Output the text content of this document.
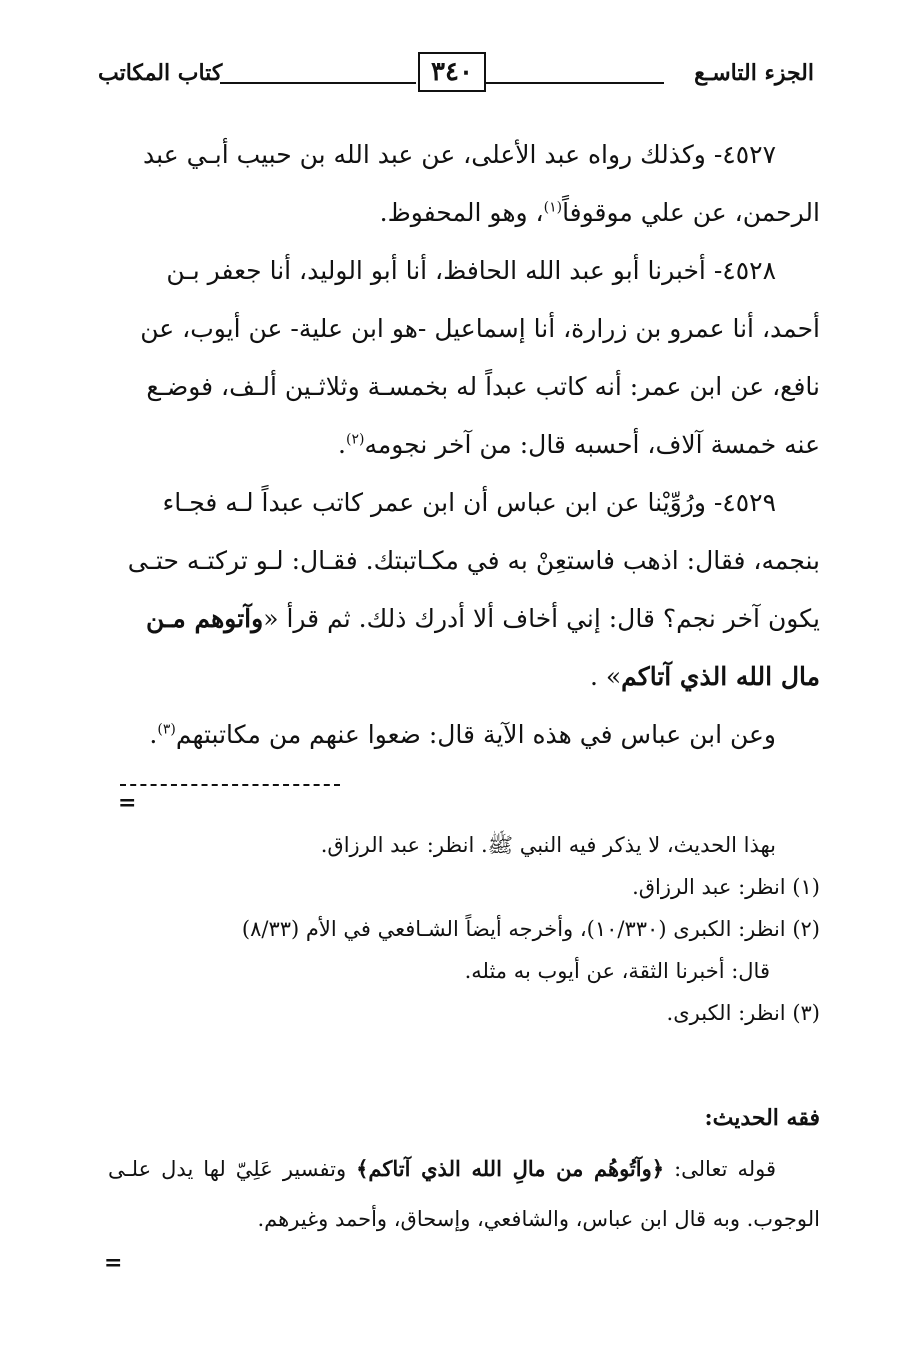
الجزء التاسـع
٣٤٠
كتاب المكاتب

٤٥٢٧- وكذلك رواه عبد الأعلى، عن عبد الله بن حبيب أبـي عبد الرحمن، عن علي موقوفاً$^{(١)}$، وهو المحفوظ.

٤٥٢٨- أخبرنا أبو عبد الله الحافظ، أنا أبو الوليد، أنا جعفر بـن أحمد، أنا عمرو بن زرارة، أنا إسماعيل -هو ابن علية- عن أيوب، عن نافع، عن ابن عمر: أنه كاتب عبداً له بخمسـة وثلاثـين ألـف، فوضـع عنه خمسة آلاف، أحسبه قال: من آخر نجومه$^{(٢)}$.

٤٥٢٩- ورُوِّيْنا عن ابن عباس أن ابن عمر كاتب عبداً لـه فجـاء بنجمه، فقال: اذهب فاستعِنْ به في مكـاتبتك. فقـال: لـو تركتـه حتـى يكون آخر نجم؟ قال: إني أخاف ألا أدرك ذلك. ثم قرأ «وآتوهم مـن مال الله الذي آتاكم» .

وعن ابن عباس في هذه الآية قال: ضعوا عنهم من مكاتبتهم$^{(٣)}$.

=

بهذا الحديث، لا يذكر فيه النبي ﷺ. انظر: عبد الرزاق.

(١) انظر: عبد الرزاق.

(٢) انظر: الكبرى (١٠/٣٣٠)، وأخرجه أيضاً الشـافعي في الأم (٨/٣٣)

قال: أخبرنا الثقة، عن أيوب به مثله.

(٣) انظر: الكبرى.

فقه الحديث:

قوله تعالى: ﴿وآتُوهُم من مالِ الله الذي آتاكم﴾ وتفسير عَلِيّ لها يدل علـى الوجوب. وبه قال ابن عباس، والشافعي، وإسحاق، وأحمد وغيرهم.

=
